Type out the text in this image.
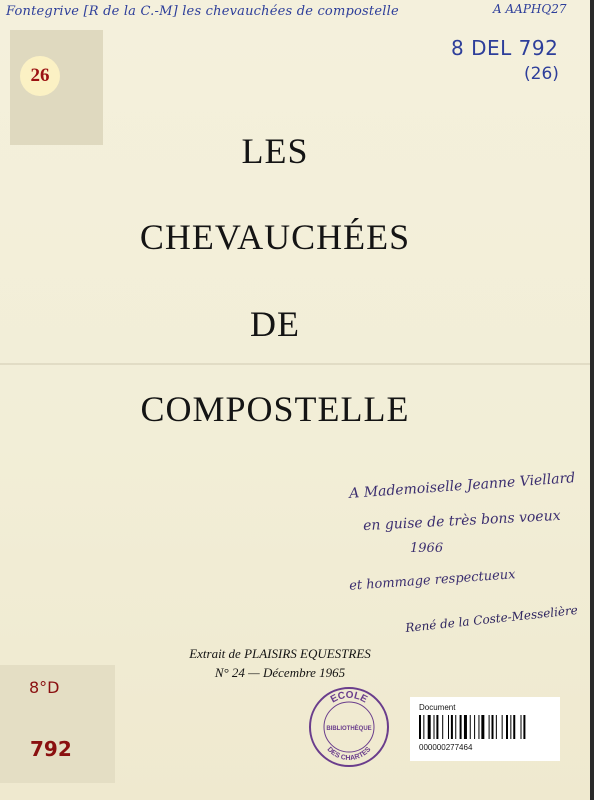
Fontegrive [R de la C.-M] les chevauchées de compostelle	A AAPHQ27
8 DEL 792
(26)
26
8°D
792
LES
CHEVAUCHÉES
DE
COMPOSTELLE
A Mademoiselle Jeanne Viellard
en guise de très bons voeux
1966
et hommage respectueux
René de la Coste-Messelière
Extrait de PLAISIRS EQUESTRES
N° 24 — Décembre 1965
ECOLE
BIBLIOTHÈQUE
DES CHARTES
Document
000000277464
